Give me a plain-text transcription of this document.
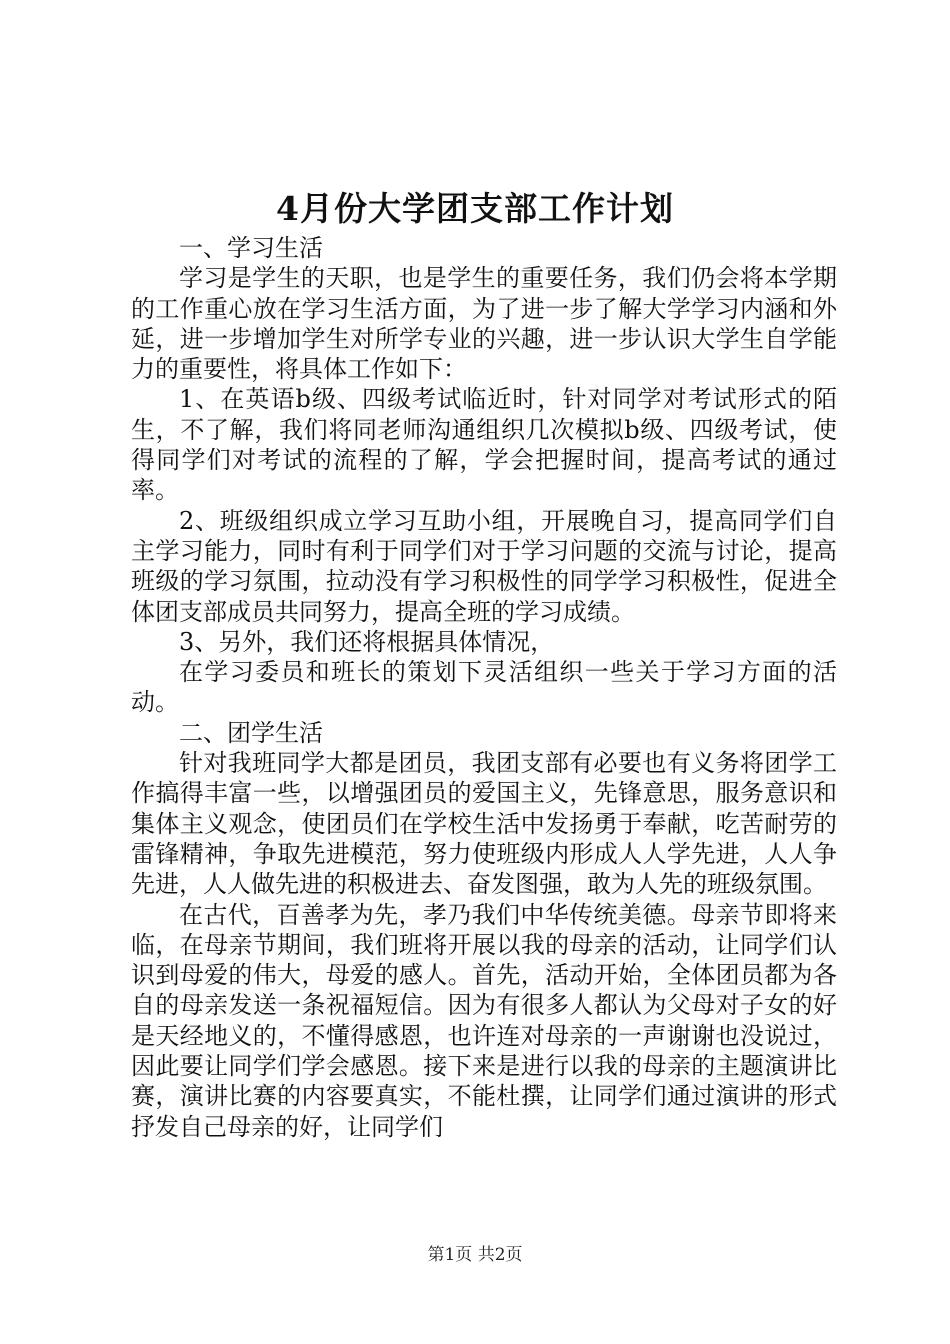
4月份大学团支部工作计划

一、学习生活

学习是学生的天职，也是学生的重要任务，我们仍会将本学期的工作重心放在学习生活方面，为了进一步了解大学学习内涵和外延，进一步增加学生对所学专业的兴趣，进一步认识大学生自学能力的重要性，将具体工作如下：

1、在英语b级、四级考试临近时，针对同学对考试形式的陌生，不了解，我们将同老师沟通组织几次模拟b级、四级考试，使得同学们对考试的流程的了解，学会把握时间，提高考试的通过率。

2、班级组织成立学习互助小组，开展晚自习，提高同学们自主学习能力，同时有利于同学们对于学习问题的交流与讨论，提高班级的学习氛围，拉动没有学习积极性的同学学习积极性，促进全体团支部成员共同努力，提高全班的学习成绩。

3、另外，我们还将根据具体情况，

在学习委员和班长的策划下灵活组织一些关于学习方面的活动。

二、团学生活

针对我班同学大都是团员，我团支部有必要也有义务将团学工作搞得丰富一些，以增强团员的爱国主义，先锋意思，服务意识和集体主义观念，使团员们在学校生活中发扬勇于奉献，吃苦耐劳的雷锋精神，争取先进模范，努力使班级内形成人人学先进，人人争先进，人人做先进的积极进去、奋发图强，敢为人先的班级氛围。

在古代，百善孝为先，孝乃我们中华传统美德。母亲节即将来临，在母亲节期间，我们班将开展以我的母亲的活动，让同学们认识到母爱的伟大，母爱的感人。首先，活动开始，全体团员都为各自的母亲发送一条祝福短信。因为有很多人都认为父母对子女的好是天经地义的，不懂得感恩，也许连对母亲的一声谢谢也没说过，因此要让同学们学会感恩。接下来是进行以我的母亲的主题演讲比赛，演讲比赛的内容要真实，不能杜撰，让同学们通过演讲的形式抒发自己母亲的好，让同学们

第1页 共2页
